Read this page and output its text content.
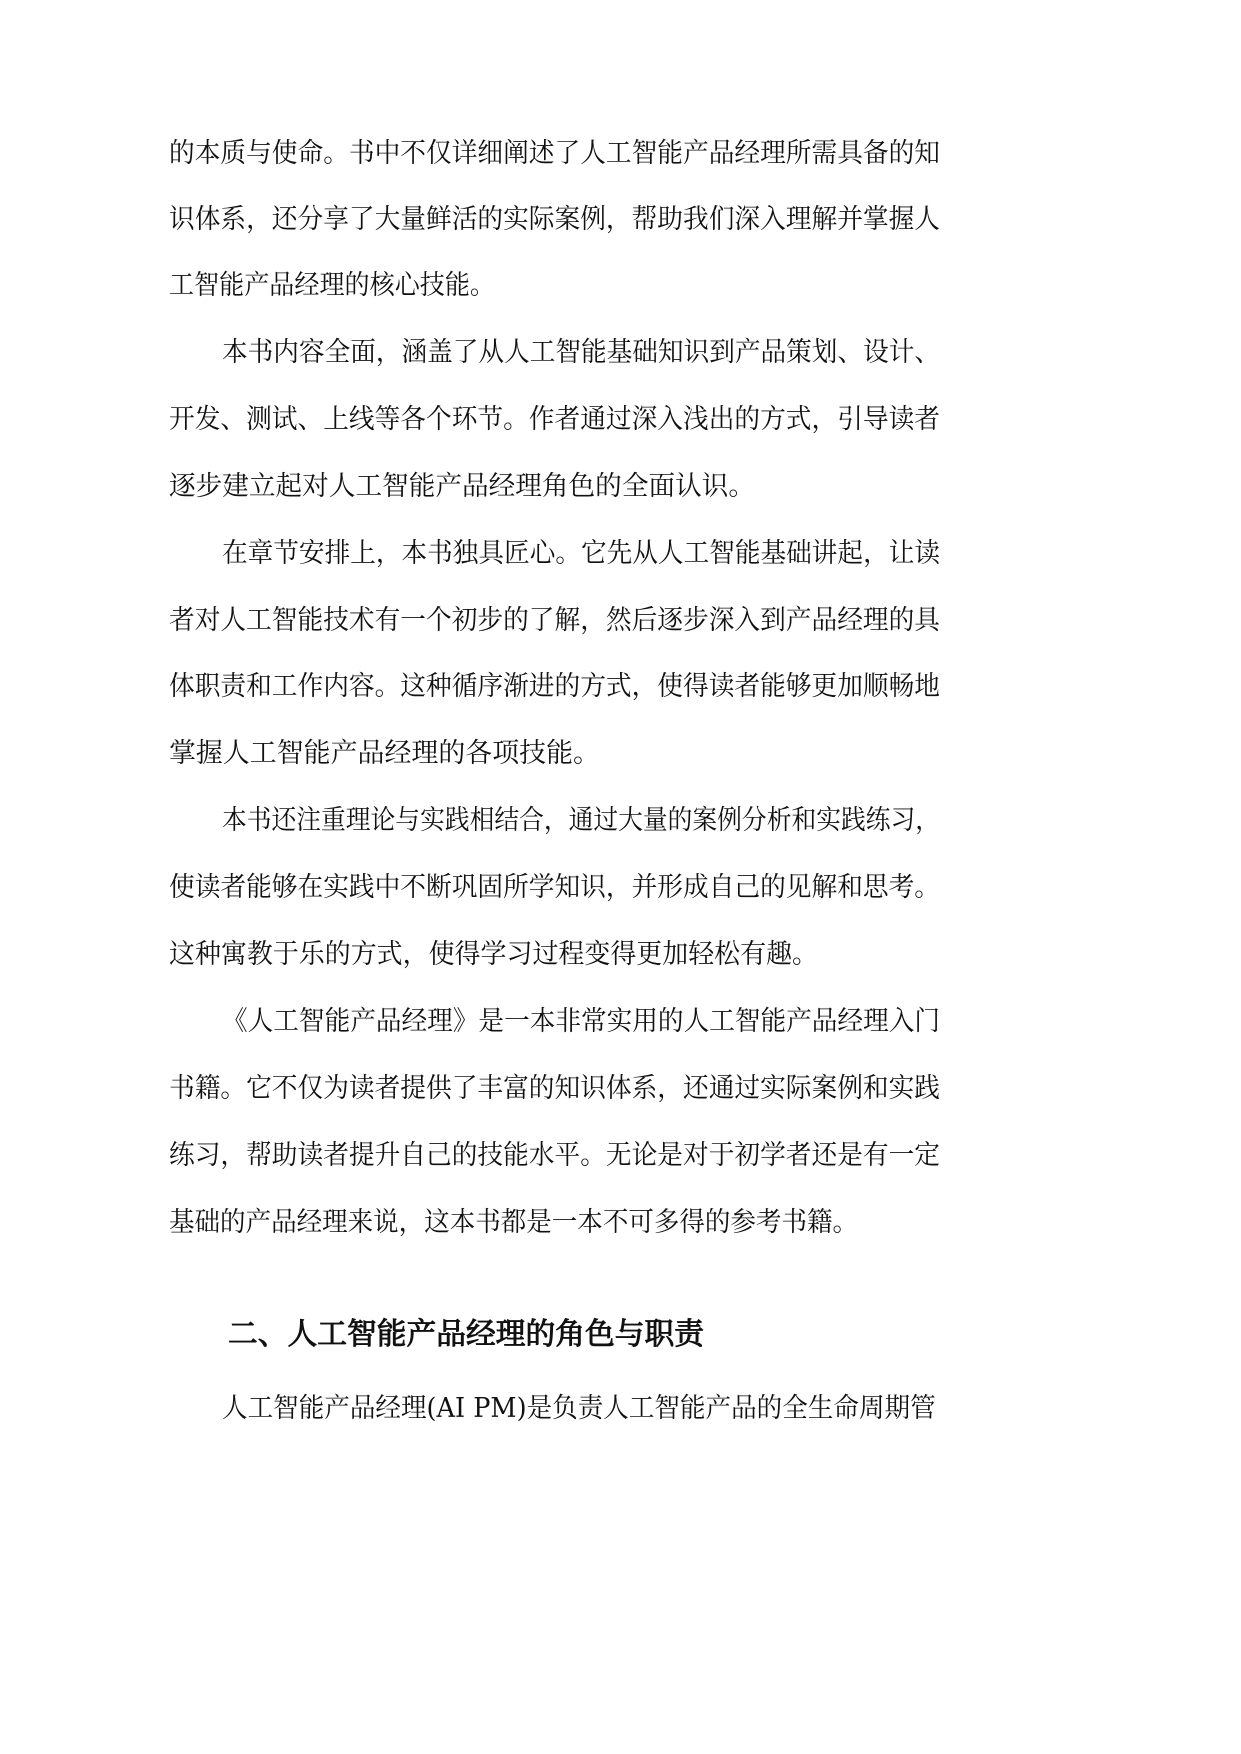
的本质与使命。书中不仅详细阐述了人工智能产品经理所需具备的知
识体系，还分享了大量鲜活的实际案例，帮助我们深入理解并掌握人
工智能产品经理的核心技能。
本书内容全面，涵盖了从人工智能基础知识到产品策划、设计、
开发、测试、上线等各个环节。作者通过深入浅出的方式，引导读者
逐步建立起对人工智能产品经理角色的全面认识。
在章节安排上，本书独具匠心。它先从人工智能基础讲起，让读
者对人工智能技术有一个初步的了解，然后逐步深入到产品经理的具
体职责和工作内容。这种循序渐进的方式，使得读者能够更加顺畅地
掌握人工智能产品经理的各项技能。
本书还注重理论与实践相结合，通过大量的案例分析和实践练习，
使读者能够在实践中不断巩固所学知识，并形成自己的见解和思考。
这种寓教于乐的方式，使得学习过程变得更加轻松有趣。
《人工智能产品经理》是一本非常实用的人工智能产品经理入门
书籍。它不仅为读者提供了丰富的知识体系，还通过实际案例和实践
练习，帮助读者提升自己的技能水平。无论是对于初学者还是有一定
基础的产品经理来说，这本书都是一本不可多得的参考书籍。
二、人工智能产品经理的角色与职责
人工智能产品经理(AI PM)是负责人工智能产品的全生命周期管
